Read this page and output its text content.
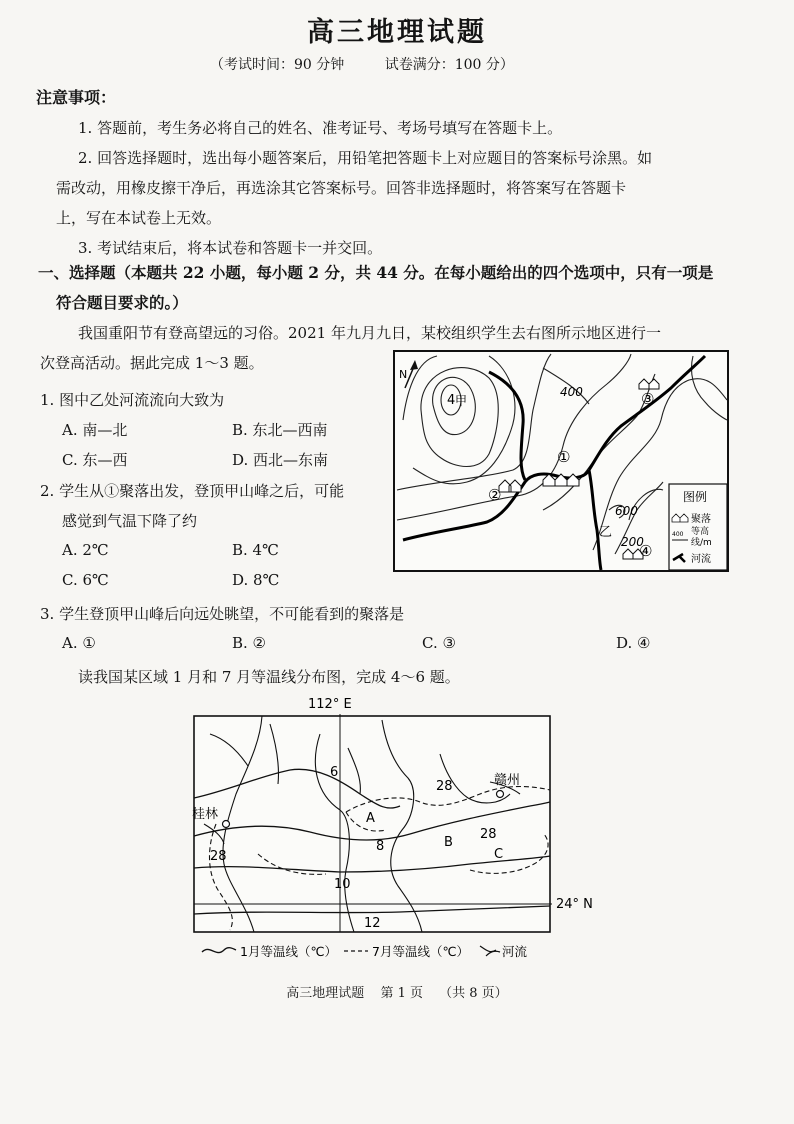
高三地理试题
（考试时间：90 分钟	试卷满分：100 分）
注意事项：
1. 答题前，考生务必将自己的姓名、准考证号、考场号填写在答题卡上。
2. 回答选择题时，选出每小题答案后，用铅笔把答题卡上对应题目的答案标号涂黑。如
需改动，用橡皮擦干净后，再选涂其它答案标号。回答非选择题时，将答案写在答题卡
上，写在本试卷上无效。
3. 考试结束后，将本试卷和答题卡一并交回。
一、选择题（本题共 22 小题，每小题 2 分，共 44 分。在每小题给出的四个选项中，只有一项是
符合题目要求的。）
我国重阳节有登高望远的习俗。2021 年九月九日，某校组织学生去右图所示地区进行一
次登高活动。据此完成 1～3 题。
1. 图中乙处河流流向大致为
A. 南—北	B. 东北—西南
C. 东—西	D. 西北—东南
2. 学生从①聚落出发，登顶甲山峰之后，可能
感觉到气温下降了约
A. 2℃	B. 4℃
C. 6℃	D. 8℃
3. 学生登顶甲山峰后向远处眺望，不可能看到的聚落是
A. ①	B. ②	C. ③	D. ④
N
4 甲
400
600
200
乙
①
②
③
④
图例
聚落
400 等高
线/m
河流
读我国某区域 1 月和 7 月等温线分布图，完成 4～6 题。
112° E
24° N
桂林
赣州
A
B
C
6
8
10
12
28
28
28
1月等温线（℃）	7月等温线（℃）	河流
高三地理试题 第 1 页 （共 8 页）
